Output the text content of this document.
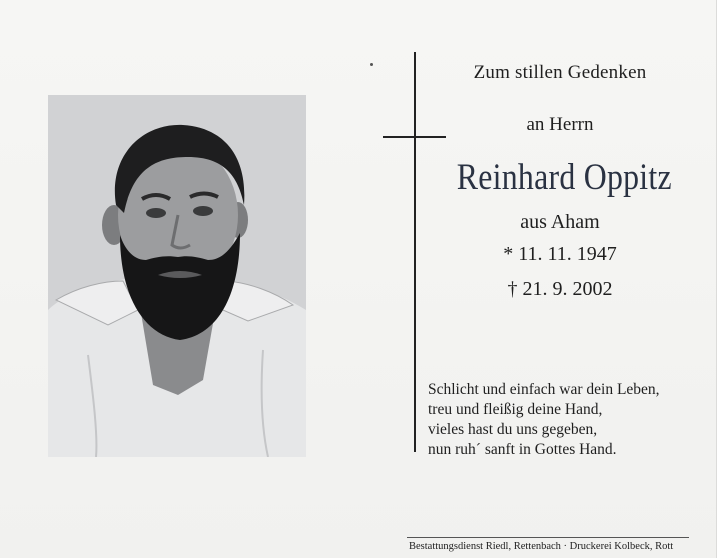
Zum stillen Gedenken
an Herrn
Reinhard Oppitz
aus Aham
* 11. 11. 1947
† 21. 9. 2002
Schlicht und einfach war dein Leben,
treu und fleißig deine Hand,
vieles hast du uns gegeben,
nun ruh´ sanft in Gottes Hand.
Bestattungsdienst Riedl, Rettenbach · Druckerei Kolbeck, Rott
